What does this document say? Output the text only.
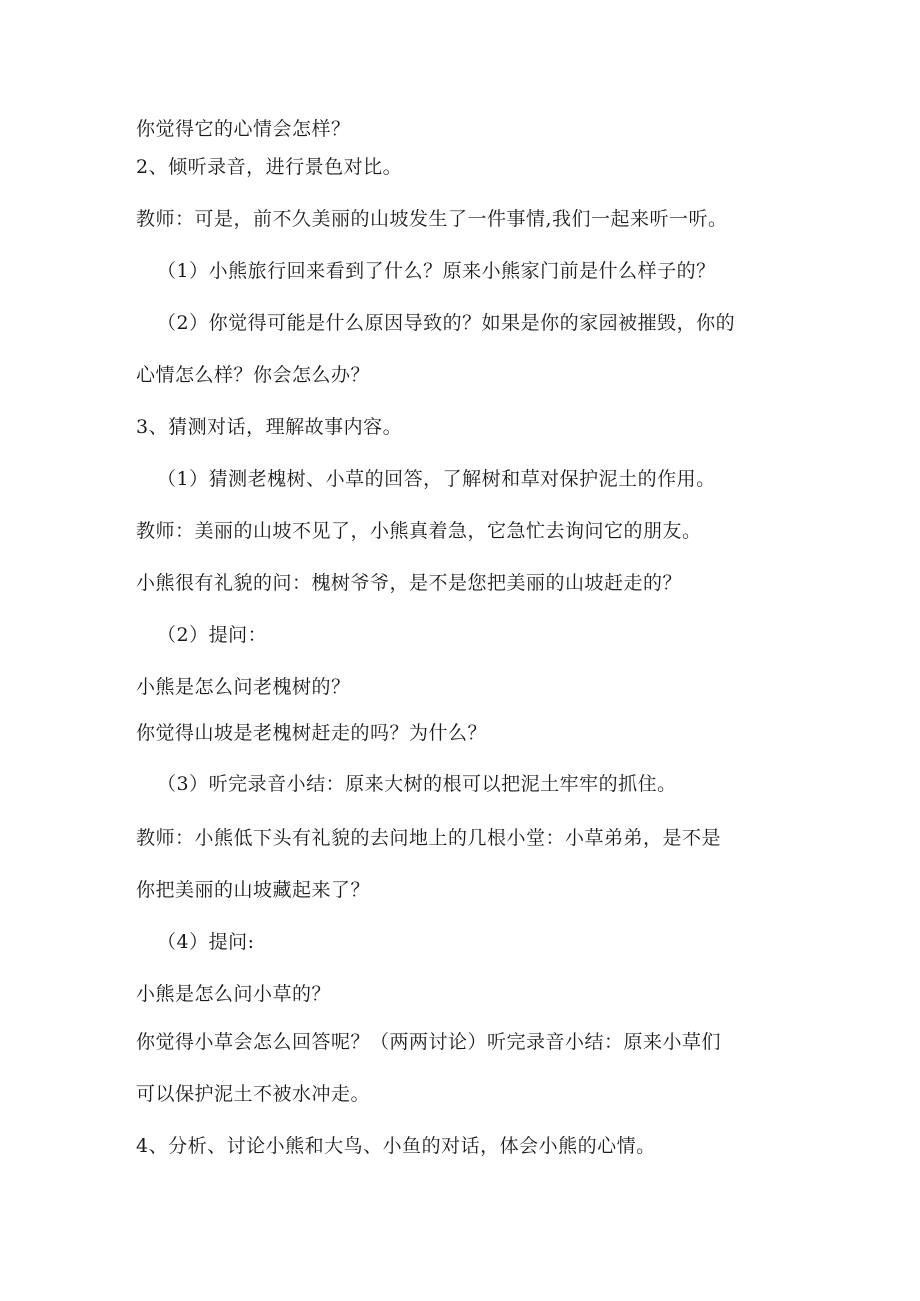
你觉得它的心情会怎样？

2、倾听录音，进行景色对比。

教师：可是，前不久美丽的山坡发生了一件事情,我们一起来听一听。

（1）小熊旅行回来看到了什么？原来小熊家门前是什么样子的？

（2）你觉得可能是什么原因导致的？如果是你的家园被摧毁，你的

心情怎么样？你会怎么办？

3、猜测对话，理解故事内容。

（1）猜测老槐树、小草的回答，了解树和草对保护泥土的作用。

教师：美丽的山坡不见了，小熊真着急，它急忙去询问它的朋友。

小熊很有礼貌的问：槐树爷爷，是不是您把美丽的山坡赶走的？

（2）提问：

小熊是怎么问老槐树的？

你觉得山坡是老槐树赶走的吗？为什么？

（3）听完录音小结：原来大树的根可以把泥土牢牢的抓住。

教师：小熊低下头有礼貌的去问地上的几根小堂：小草弟弟，是不是

你把美丽的山坡藏起来了？

（4）提问:

小熊是怎么问小草的？

你觉得小草会怎么回答呢？（两两讨论）听完录音小结：原来小草们

可以保护泥土不被水冲走。

4、分析、讨论小熊和大鸟、小鱼的对话，体会小熊的心情。
